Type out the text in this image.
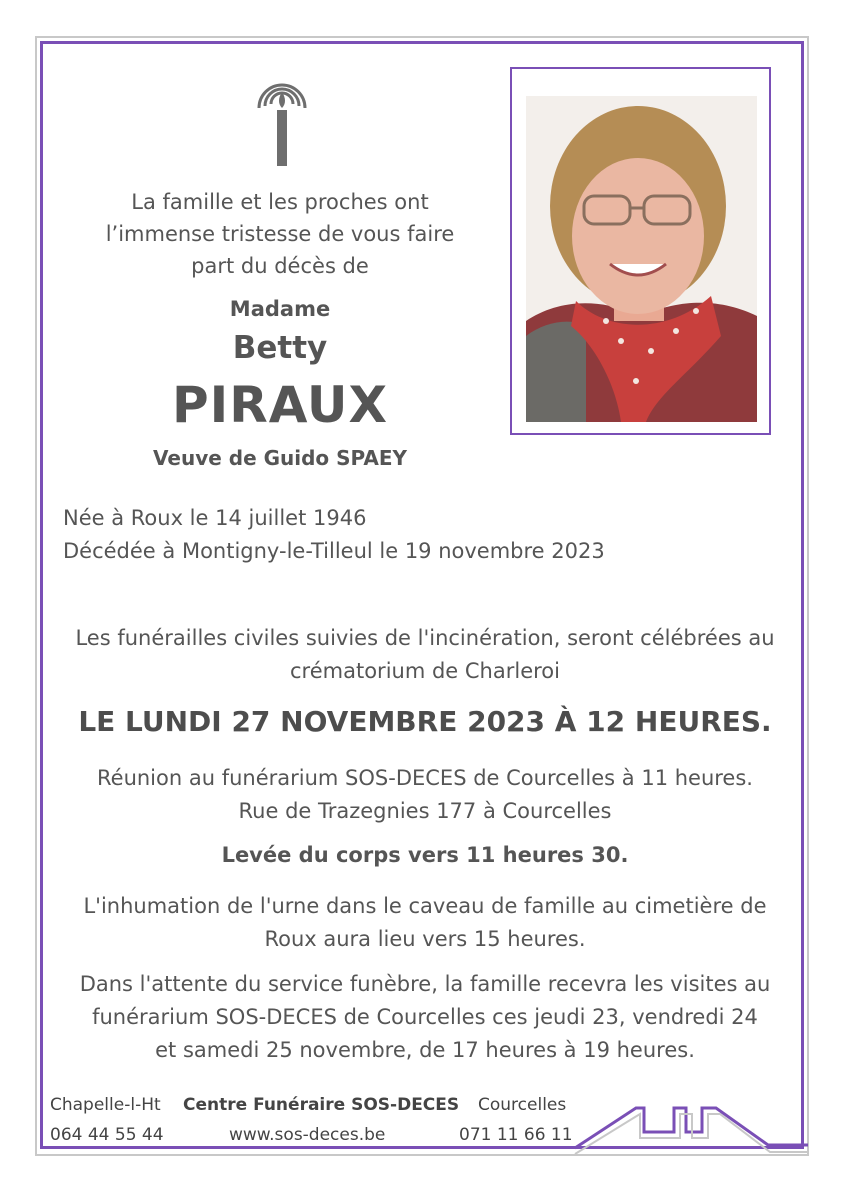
La famille et les proches ont
l’immense tristesse de vous faire
part du décès de
Madame
Betty
PIRAUX
Veuve de Guido SPAEY
Née à Roux le 14 juillet 1946
Décédée à Montigny-le-Tilleul le 19 novembre 2023
Les funérailles civiles suivies de l'incinération, seront célébrées au
crématorium de Charleroi
LE LUNDI 27 NOVEMBRE 2023 À 12 HEURES.
Réunion au funérarium SOS-DECES de Courcelles à 11 heures.
Rue de Trazegnies 177 à Courcelles
Levée du corps vers 11 heures 30.
L'inhumation de l'urne dans le caveau de famille au cimetière de
Roux aura lieu vers 15 heures.
Dans l'attente du service funèbre, la famille recevra les visites au
funérarium SOS-DECES de Courcelles ces jeudi 23, vendredi 24
et samedi 25 novembre, de 17 heures à 19 heures.
Chapelle-l-Ht
064 44 55 44
Centre Funéraire SOS-DECES
www.sos-deces.be
Courcelles
071 11 66 11
